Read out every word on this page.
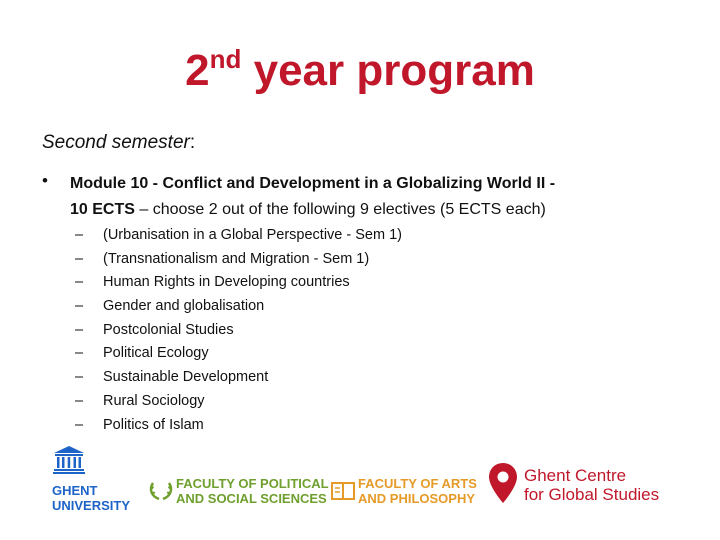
2nd year program
Second semester:
• Module 10 - Conflict and Development in a Globalizing World II -
10 ECTS – choose 2 out of the following 9 electives (5 ECTS each)
–	(Urbanisation in a Global Perspective - Sem 1)
–	(Transnationalism and Migration - Sem 1)
–	Human Rights in Developing countries
–	Gender and globalisation
–	Postcolonial Studies
–	Political Ecology
–	Sustainable Development
–	Rural Sociology
–	Politics of Islam
GHENT
UNIVERSITY
FACULTY OF POLITICAL
AND SOCIAL SCIENCES
FACULTY OF ARTS
AND PHILOSOPHY
Ghent Centre
for Global Studies
